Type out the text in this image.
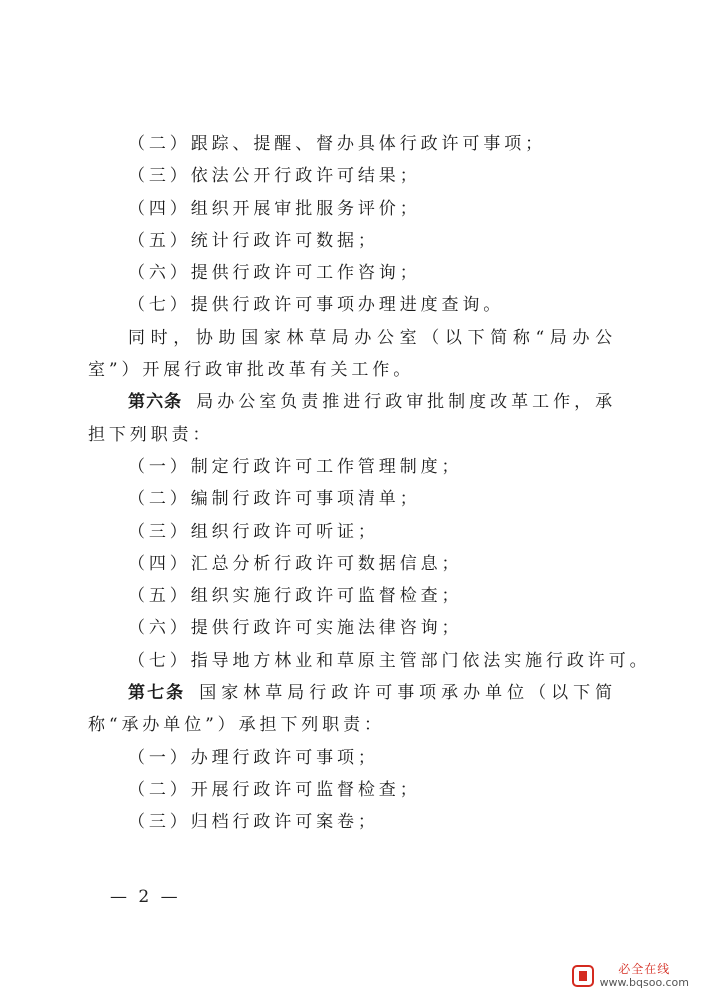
（二）跟踪、提醒、督办具体行政许可事项；
（三）依法公开行政许可结果；
（四）组织开展审批服务评价；
（五）统计行政许可数据；
（六）提供行政许可工作咨询；
（七）提供行政许可事项办理进度查询。
同时，协助国家林草局办公室（以下简称“局办公室”）开展行政审批改革有关工作。
第六条 局办公室负责推进行政审批制度改革工作，承担下列职责：
（一）制定行政许可工作管理制度；
（二）编制行政许可事项清单；
（三）组织行政许可听证；
（四）汇总分析行政许可数据信息；
（五）组织实施行政许可监督检查；
（六）提供行政许可实施法律咨询；
（七）指导地方林业和草原主管部门依法实施行政许可。
第七条 国家林草局行政许可事项承办单位（以下简称“承办单位”）承担下列职责：
（一）办理行政许可事项；
（二）开展行政许可监督检查；
（三）归档行政许可案卷；
— 2 —
必全在线
www.bqsoo.com
